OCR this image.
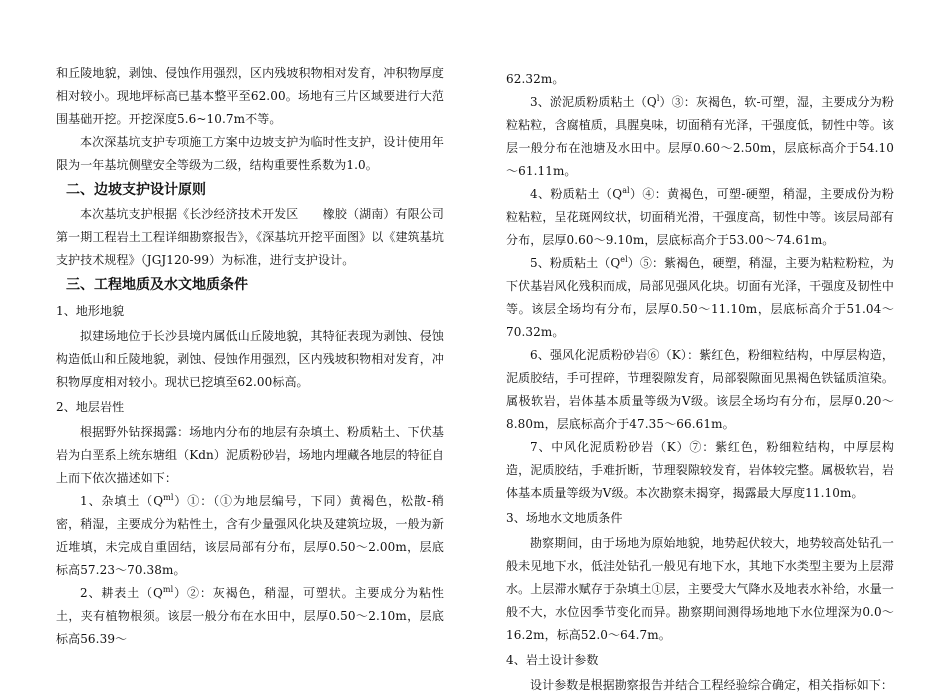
和丘陵地貌，剥蚀、侵蚀作用强烈，区内残坡积物相对发育，冲积物厚度相对较小。现地坪标高已基本整平至62.00。场地有三片区域要进行大范围基础开挖。开挖深度5.6~10.7m不等。

本次深基坑支护专项施工方案中边坡支护为临时性支护，设计使用年限为一年基坑侧壁安全等级为二级，结构重要性系数为1.0。

二、边坡支护设计原则

本次基坑支护根据《长沙经济技术开发区　　橡胶（湖南）有限公司第一期工程岩土工程详细勘察报告》，《深基坑开挖平面图》以《建筑基坑支护技术规程》（JGJ120-99）为标准，进行支护设计。

三、工程地质及水文地质条件

1、地形地貌

拟建场地位于长沙县境内属低山丘陵地貌，其特征表现为剥蚀、侵蚀构造低山和丘陵地貌，剥蚀、侵蚀作用强烈，区内残坡积物相对发育，冲积物厚度相对较小。现状已挖填至62.00标高。

2、地层岩性

根据野外钻探揭露：场地内分布的地层有杂填土、粉质粘土、下伏基岩为白垩系上统东塘组（Kdn）泥质粉砂岩，场地内埋藏各地层的特征自上而下依次描述如下：

1、杂填土$(Q^{ml})①$：（①为地层编号，下同）黄褐色，松散-稍密，稍湿，主要成分为粘性土，含有少量强风化块及建筑垃圾，一般为新近堆填，未完成自重固结，该层局部有分布，层厚0.50～2.00m，层底标高57.23～70.38m。

2、耕表土$(Q^{ml})②$：灰褐色，稍湿，可塑状。主要成分为粘性土，夹有植物根须。该层一般分布在水田中，层厚0.50～2.10m，层底标高56.39～

62.32m。

3、淤泥质粉质粘土$(Q^l)③$：灰褐色，软-可塑，湿，主要成分为粉粒粘粒，含腐植质，具腥臭味，切面稍有光泽，干强度低，韧性中等。该层一般分布在池塘及水田中。层厚0.60～2.50m，层底标高介于54.10～61.11m。

4、粉质粘土$(Q^{al})④$：黄褐色，可塑-硬塑，稍湿，主要成份为粉粒粘粒，呈花斑网纹状，切面稍光滑，干强度高，韧性中等。该层局部有分布，层厚0.60～9.10m，层底标高介于53.00～74.61m。

5、粉质粘土$(Q^{el})⑤$：紫褐色，硬塑，稍湿，主要为粘粒粉粒，为下伏基岩风化残积而成，局部见强风化块。切面有光泽，干强度及韧性中等。该层全场均有分布，层厚0.50～11.10m，层底标高介于51.04～70.32m。

6、强风化泥质粉砂岩⑥（K）：紫红色，粉细粒结构，中厚层构造，泥质胶结，手可捏碎，节理裂隙发育，局部裂隙面见黑褐色铁锰质渲染。属极软岩，岩体基本质量等级为Ⅴ级。该层全场均有分布，层厚0.20～8.80m，层底标高介于47.35～66.61m。

7、中风化泥质粉砂岩（K）⑦：紫红色，粉细粒结构，中厚层构造，泥质胶结，手难折断，节理裂隙较发育，岩体较完整。属极软岩，岩体基本质量等级为Ⅴ级。本次勘察未揭穿，揭露最大厚度11.10m。

3、场地水文地质条件

勘察期间，由于场地为原始地貌，地势起伏较大，地势较高处钻孔一般未见地下水，低洼处钻孔一般见有地下水，其地下水类型主要为上层滞水。上层滞水赋存于杂填土①层，主要受大气降水及地表水补给，水量一般不大，水位因季节变化而异。勘察期间测得场地地下水位埋深为0.0～16.2m，标高52.0～64.7m。

4、岩土设计参数

设计参数是根据勘察报告并结合工程经验综合确定，相关指标如下：
